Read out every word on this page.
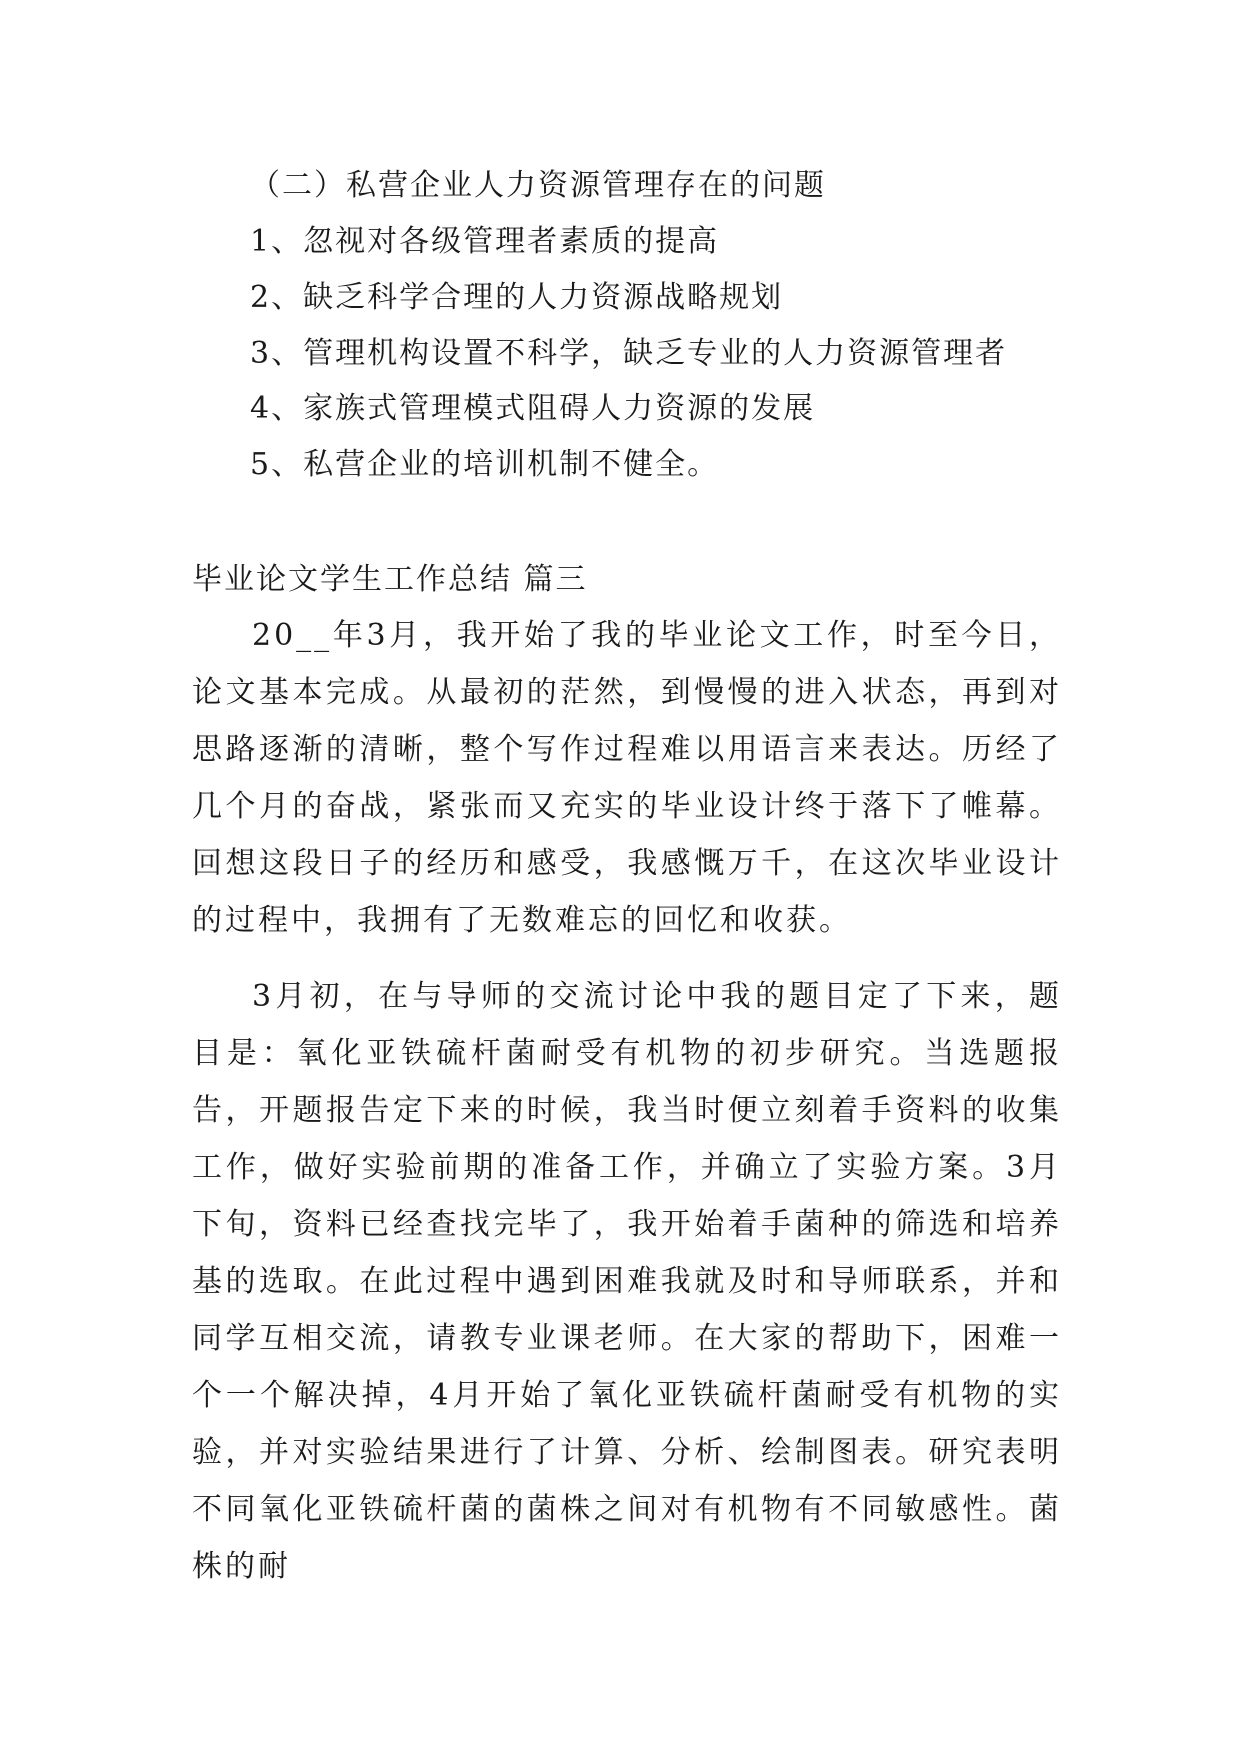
（二）私营企业人力资源管理存在的问题
1、忽视对各级管理者素质的提高
2、缺乏科学合理的人力资源战略规划
3、管理机构设置不科学，缺乏专业的人力资源管理者
4、家族式管理模式阻碍人力资源的发展
5、私营企业的培训机制不健全。
毕业论文学生工作总结 篇三

20__年3月，我开始了我的毕业论文工作，时至今日，论文基本完成。从最初的茫然，到慢慢的进入状态，再到对思路逐渐的清晰，整个写作过程难以用语言来表达。历经了几个月的奋战，紧张而又充实的毕业设计终于落下了帷幕。回想这段日子的经历和感受，我感慨万千，在这次毕业设计的过程中，我拥有了无数难忘的回忆和收获。

3月初，在与导师的交流讨论中我的题目定了下来，题目是：氧化亚铁硫杆菌耐受有机物的初步研究。当选题报告，开题报告定下来的时候，我当时便立刻着手资料的收集工作，做好实验前期的准备工作，并确立了实验方案。3月下旬，资料已经查找完毕了，我开始着手菌种的筛选和培养基的选取。在此过程中遇到困难我就及时和导师联系，并和同学互相交流，请教专业课老师。在大家的帮助下，困难一个一个解决掉，4月开始了氧化亚铁硫杆菌耐受有机物的实验，并对实验结果进行了计算、分析、绘制图表。研究表明不同氧化亚铁硫杆菌的菌株之间对有机物有不同敏感性。菌株的耐
